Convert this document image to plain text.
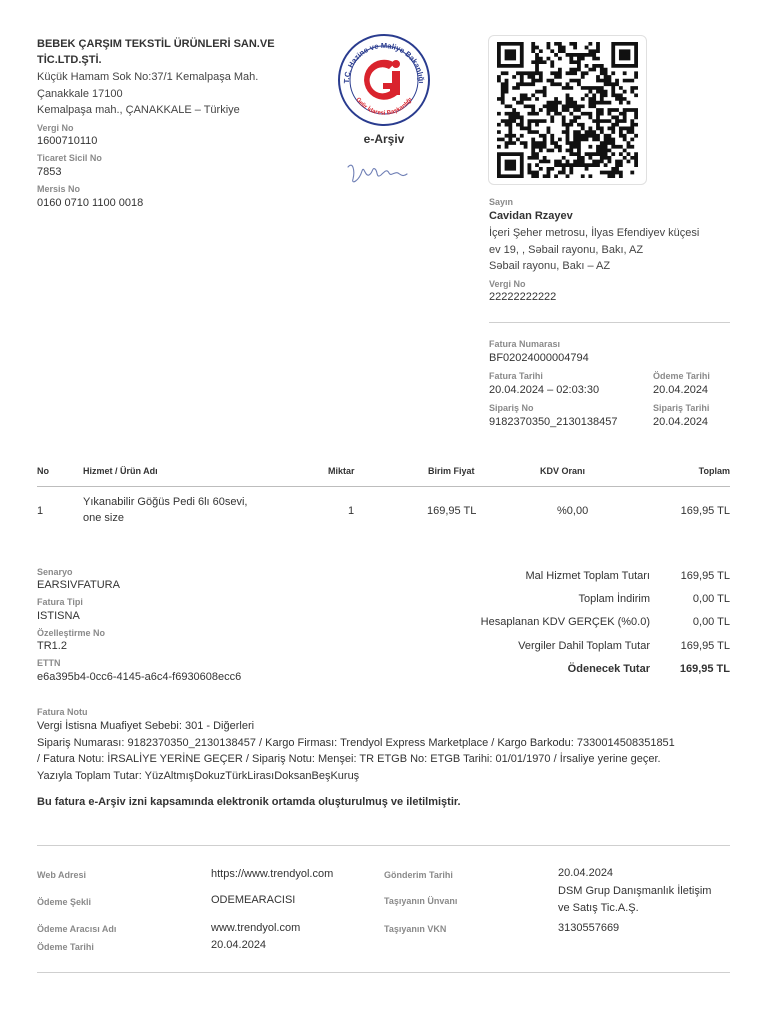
BEBEK ÇARŞIM TEKSTİL ÜRÜNLERİ SAN.VE TİC.LTD.ŞTİ.
Küçük Hamam Sok No:37/1 Kemalpaşa Mah.
Çanakkale 17100
Kemalpaşa mah., ÇANAKKALE – Türkiye
Vergi No
1600710110
Ticaret Sicil No
7853
Mersis No
0160 0710 1100 0018
T.C. Hazine ve Maliye Bakanlığı
Gelir İdaresi Başkanlığı
e-Arşiv
Sayın
Cavidan Rzayev
İçeri Şeher metrosu, İlyas Efendiyev küçesi
ev 19, , Səbail rayonu, Bakı, AZ
Səbail rayonu, Bakı – AZ
Vergi No
22222222222
Fatura Numarası
BF02024000004794
Fatura Tarihi
20.04.2024 – 02:03:30
Ödeme Tarihi
20.04.2024
Sipariş No
9182370350_2130138457
Sipariş Tarihi
20.04.2024
No	Hizmet / Ürün Adı	Miktar	Birim Fiyat	KDV Oranı	Toplam
1
Yıkanabilir Göğüs Pedi 6lı 60sevi,
one size
1	169,95 TL	%0,00	169,95 TL
Senaryo
EARSIVFATURA
Fatura Tipi
ISTISNA
Özelleştirme No
TR1.2
ETTN
e6a395b4-0cc6-4145-a6c4-f6930608ecc6
Mal Hizmet Toplam Tutarı	169,95 TL
Toplam İndirim	0,00 TL
Hesaplanan KDV GERÇEK (%0.0)	0,00 TL
Vergiler Dahil Toplam Tutar	169,95 TL
Ödenecek Tutar	169,95 TL
Fatura Notu
Vergi İstisna Muafiyet Sebebi: 301 - Diğerleri
Sipariş Numarası: 9182370350_2130138457 / Kargo Firması: Trendyol Express Marketplace / Kargo Barkodu: 7330014508351851
/ Fatura Notu: İRSALİYE YERİNE GEÇER / Sipariş Notu: Menşei: TR ETGB No: ETGB Tarihi: 01/01/1970 / İrsaliye yerine geçer.
Yazıyla Toplam Tutar: YüzAltmışDokuzTürkLirasıDoksanBeşKuruş
Bu fatura e-Arşiv izni kapsamında elektronik ortamda oluşturulmuş ve iletilmiştir.
Web Adresi	https://www.trendyol.com
Ödeme Şekli	ODEMEARACISI
Ödeme Aracısı Adı	www.trendyol.com
Ödeme Tarihi	20.04.2024
Gönderim Tarihi	20.04.2024
Taşıyanın Ünvanı
DSM Grup Danışmanlık İletişim
ve Satış Tic.A.Ş.
Taşıyanın VKN	3130557669
